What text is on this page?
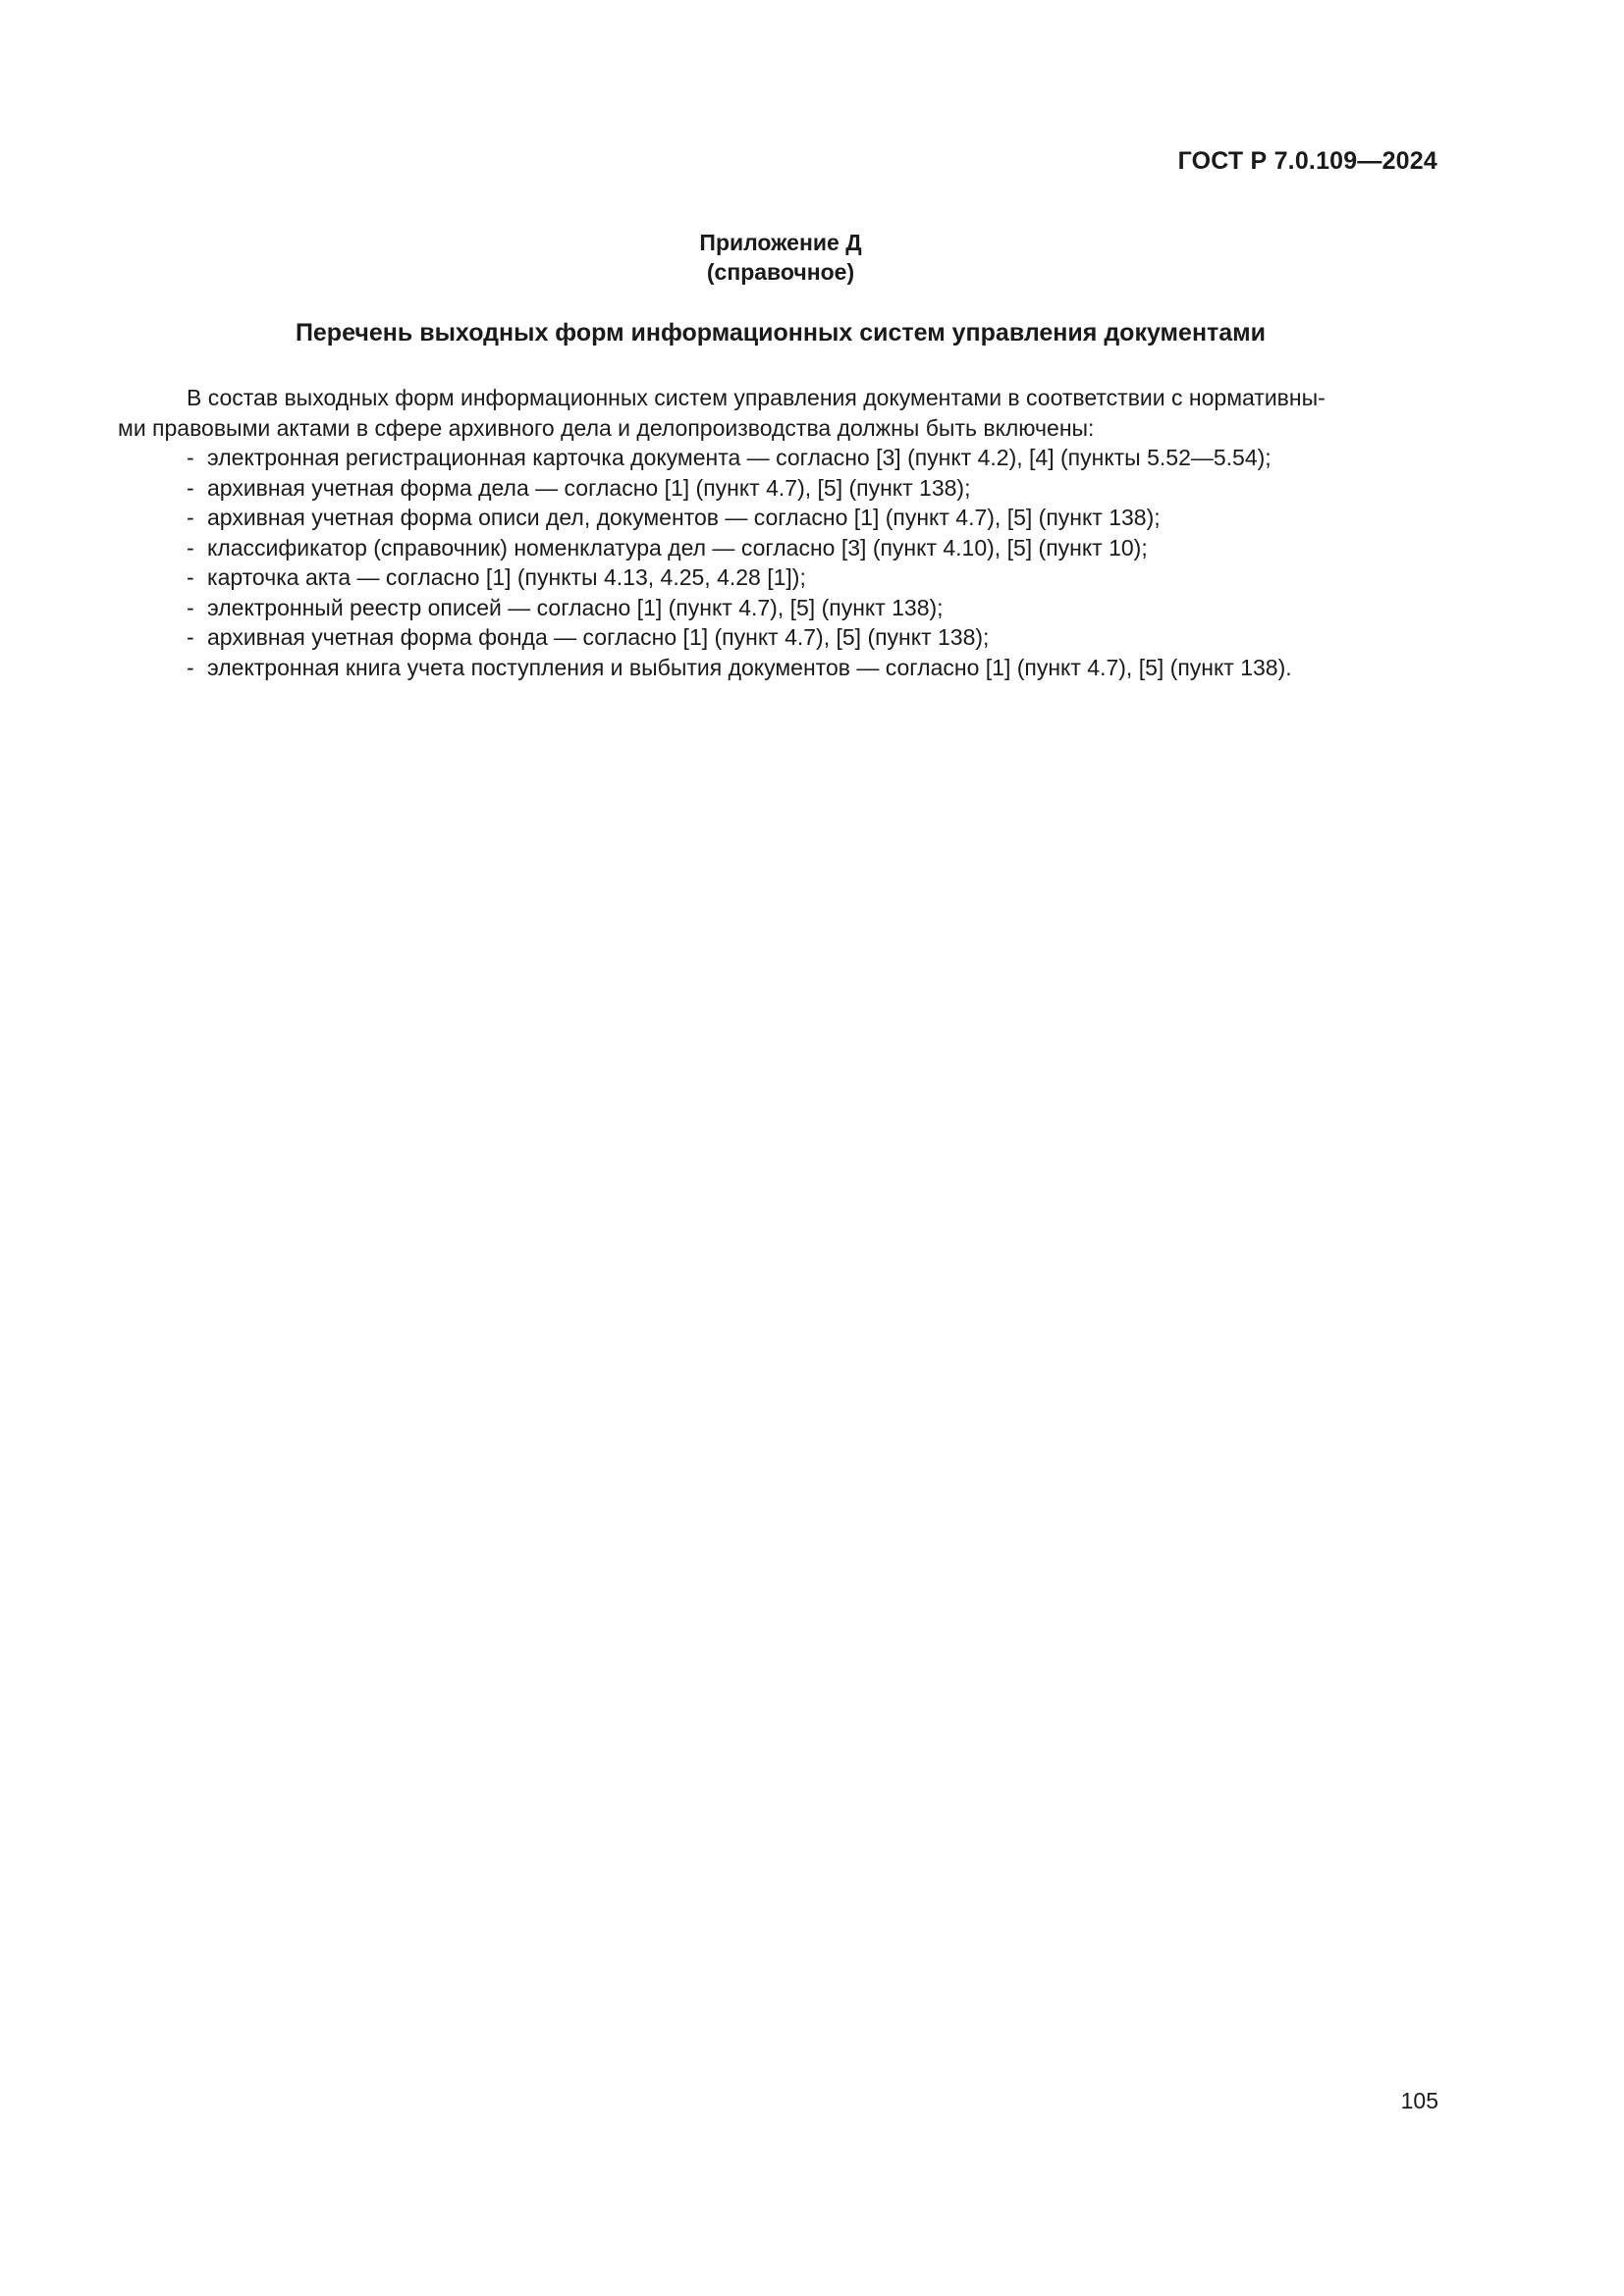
ГОСТ Р 7.0.109—2024
Приложение Д
(справочное)
Перечень выходных форм информационных систем управления документами
В состав выходных форм информационных систем управления документами в соответствии с нормативны-
ми правовыми актами в сфере архивного дела и делопроизводства должны быть включены:
- электронная регистрационная карточка документа — согласно [3] (пункт 4.2), [4] (пункты 5.52—5.54);
- архивная учетная форма дела — согласно [1] (пункт 4.7), [5] (пункт 138);
- архивная учетная форма описи дел, документов — согласно [1] (пункт 4.7), [5] (пункт 138);
- классификатор (справочник) номенклатура дел — согласно [3] (пункт 4.10), [5] (пункт 10);
- карточка акта — согласно [1] (пункты 4.13, 4.25, 4.28 [1]);
- электронный реестр описей — согласно [1] (пункт 4.7), [5] (пункт 138);
- архивная учетная форма фонда — согласно [1] (пункт 4.7), [5] (пункт 138);
- электронная книга учета поступления и выбытия документов — согласно [1] (пункт 4.7), [5] (пункт 138).
105
